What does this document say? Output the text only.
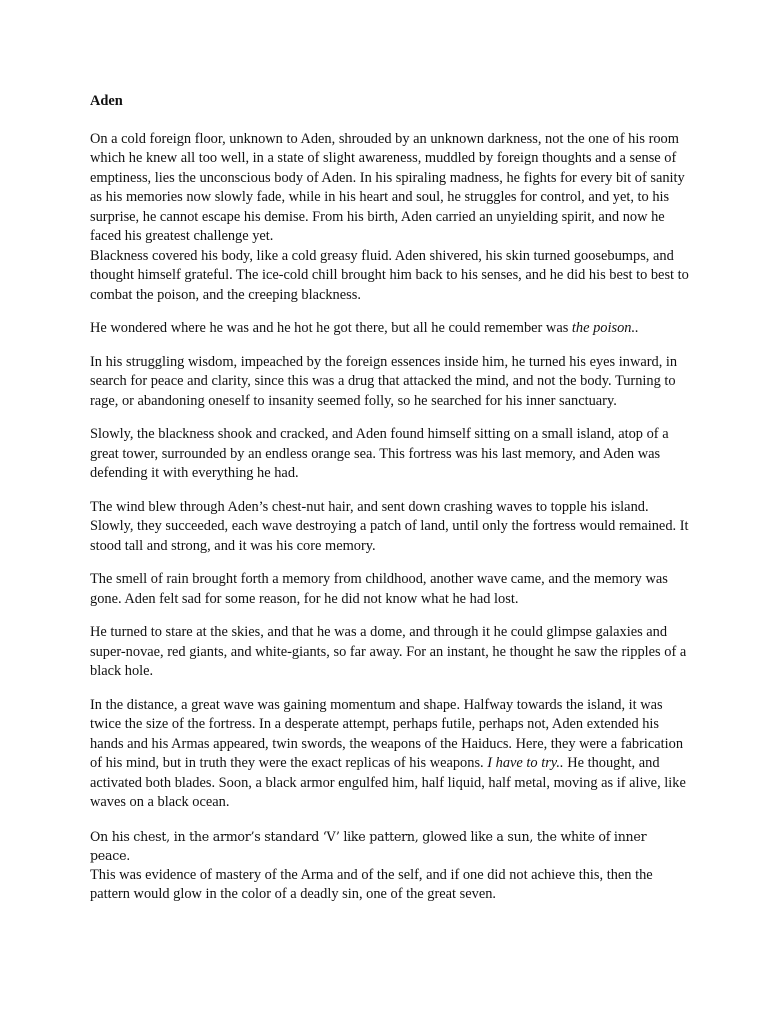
Aden

On a cold foreign floor, unknown to Aden, shrouded by an unknown darkness, not the one of his room which he knew all too well, in a state of slight awareness, muddled by foreign thoughts and a sense of emptiness, lies the unconscious body of Aden. In his spiraling madness, he fights for every bit of sanity as his memories now slowly fade, while in his heart and soul, he struggles for control, and yet, to his surprise, he cannot escape his demise. From his birth, Aden carried an unyielding spirit, and now he faced his greatest challenge yet.

Blackness covered his body, like a cold greasy fluid. Aden shivered, his skin turned goosebumps, and thought himself grateful. The ice-cold chill brought him back to his senses, and he did his best to best to combat the poison, and the creeping blackness.

He wondered where he was and he hot he got there, but all he could remember was the poison..

In his struggling wisdom, impeached by the foreign essences inside him, he turned his eyes inward, in search for peace and clarity, since this was a drug that attacked the mind, and not the body. Turning to rage, or abandoning oneself to insanity seemed folly, so he searched for his inner sanctuary.

Slowly, the blackness shook and cracked, and Aden found himself sitting on a small island, atop of a great tower, surrounded by an endless orange sea. This fortress was his last memory, and Aden was defending it with everything he had.

The wind blew through Aden’s chest-nut hair, and sent down crashing waves to topple his island. Slowly, they succeeded, each wave destroying a patch of land, until only the fortress would remained. It stood tall and strong, and it was his core memory.

The smell of rain brought forth a memory from childhood, another wave came, and the memory was gone. Aden felt sad for some reason, for he did not know what he had lost.

He turned to stare at the skies, and that he was a dome, and through it he could glimpse galaxies and super-novae, red giants, and white-giants, so far away. For an instant, he thought he saw the ripples of a black hole.

In the distance, a great wave was gaining momentum and shape. Halfway towards the island, it was twice the size of the fortress. In a desperate attempt, perhaps futile, perhaps not, Aden extended his hands and his Armas appeared, twin swords, the weapons of the Haiducs. Here, they were a fabrication of his mind, but in truth they were the exact replicas of his weapons. I have to try.. He thought, and activated both blades. Soon, a black armor engulfed him, half liquid, half metal, moving as if alive, like waves on a black ocean.

On his chest, in the armor’s standard ‘V’ like pattern, glowed like a sun, the white of inner peace.

This was evidence of mastery of the Arma and of the self, and if one did not achieve this, then the pattern would glow in the color of a deadly sin, one of the great seven.
